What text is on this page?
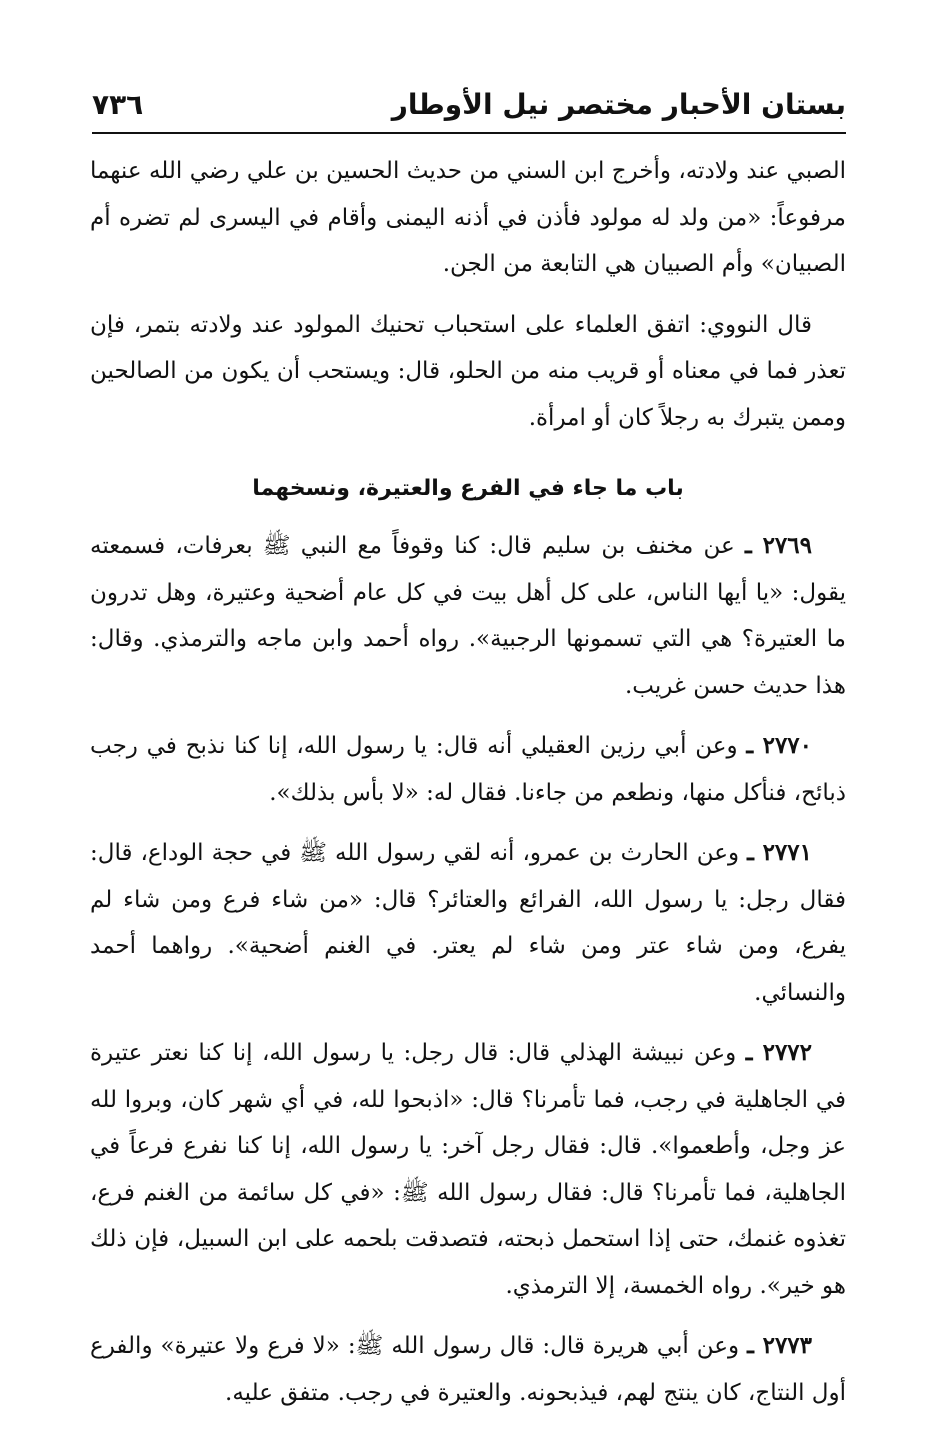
بستان الأحبار مختصر نيل الأوطار
٧٣٦

الصبي عند ولادته، وأخرج ابن السني من حديث الحسين بن علي رضي الله عنهما مرفوعاً: «من ولد له مولود فأذن في أذنه اليمنى وأقام في اليسرى لم تضره أم الصبيان» وأم الصبيان هي التابعة من الجن.

قال النووي: اتفق العلماء على استحباب تحنيك المولود عند ولادته بتمر، فإن تعذر فما في معناه أو قريب منه من الحلو، قال: ويستحب أن يكون من الصالحين وممن يتبرك به رجلاً كان أو امرأة.

باب ما جاء في الفرع والعتيرة، ونسخهما

٢٧٦٩ ـ عن مخنف بن سليم قال: كنا وقوفاً مع النبي ﷺ بعرفات، فسمعته يقول: «يا أيها الناس، على كل أهل بيت في كل عام أضحية وعتيرة، وهل تدرون ما العتيرة؟ هي التي تسمونها الرجبية». رواه أحمد وابن ماجه والترمذي. وقال: هذا حديث حسن غريب.

٢٧٧٠ ـ وعن أبي رزين العقيلي أنه قال: يا رسول الله، إنا كنا نذبح في رجب ذبائح، فنأكل منها، ونطعم من جاءنا. فقال له: «لا بأس بذلك».

٢٧٧١ ـ وعن الحارث بن عمرو، أنه لقي رسول الله ﷺ في حجة الوداع، قال: فقال رجل: يا رسول الله، الفرائع والعتائر؟ قال: «من شاء فرع ومن شاء لم يفرع، ومن شاء عتر ومن شاء لم يعتر. في الغنم أضحية». رواهما أحمد والنسائي.

٢٧٧٢ ـ وعن نبيشة الهذلي قال: قال رجل: يا رسول الله، إنا كنا نعتر عتيرة في الجاهلية في رجب، فما تأمرنا؟ قال: «اذبحوا لله، في أي شهر كان، وبروا لله عز وجل، وأطعموا». قال: فقال رجل آخر: يا رسول الله، إنا كنا نفرع فرعاً في الجاهلية، فما تأمرنا؟ قال: فقال رسول الله ﷺ: «في كل سائمة من الغنم فرع، تغذوه غنمك، حتى إذا استحمل ذبحته، فتصدقت بلحمه على ابن السبيل، فإن ذلك هو خير». رواه الخمسة، إلا الترمذي.

٢٧٧٣ ـ وعن أبي هريرة قال: قال رسول الله ﷺ: «لا فرع ولا عتيرة» والفرع أول النتاج، كان ينتج لهم، فيذبحونه. والعتيرة في رجب. متفق عليه.
